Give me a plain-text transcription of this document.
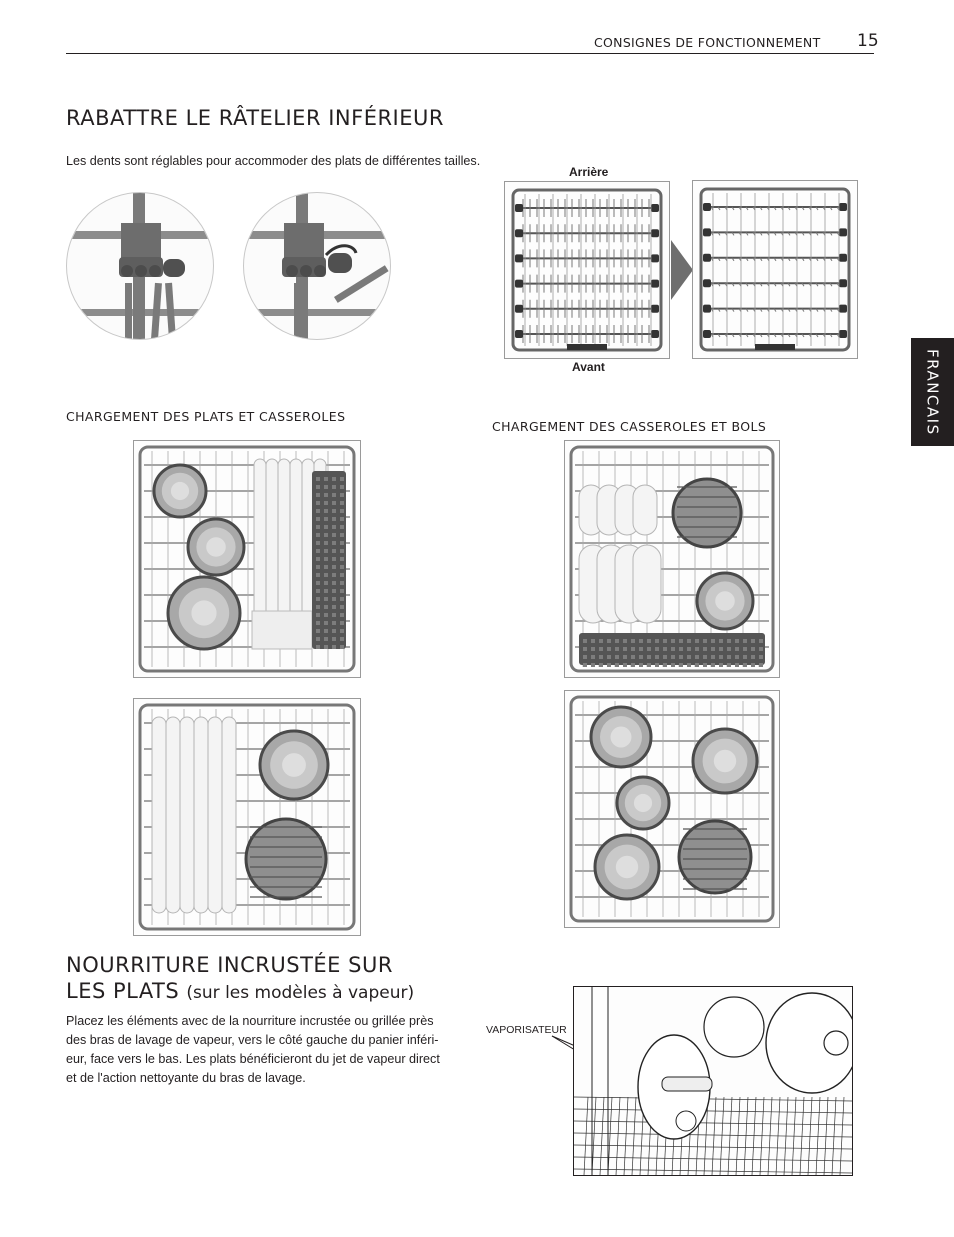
CONSIGNES DE FONCTIONNEMENT 15
FRANCAIS
RABATTRE LE RÂTELIER INFÉRIEUR
Les dents sont réglables pour accommoder des plats de différentes tailles.
Arrière
Avant
CHARGEMENT DES PLATS ET CASSEROLES
CHARGEMENT DES CASSEROLES ET BOLS
NOURRITURE INCRUSTÉE SUR
LES PLATS (sur les modèles à vapeur)
Placez les éléments avec de la nourriture incrustée ou grillée près
des bras de lavage de vapeur, vers le côté gauche du panier inféri-
eur, face vers le bas. Les plats bénéficieront du jet de vapeur direct
et de l'action nettoyante du bras de lavage.
VAPORISATEUR
